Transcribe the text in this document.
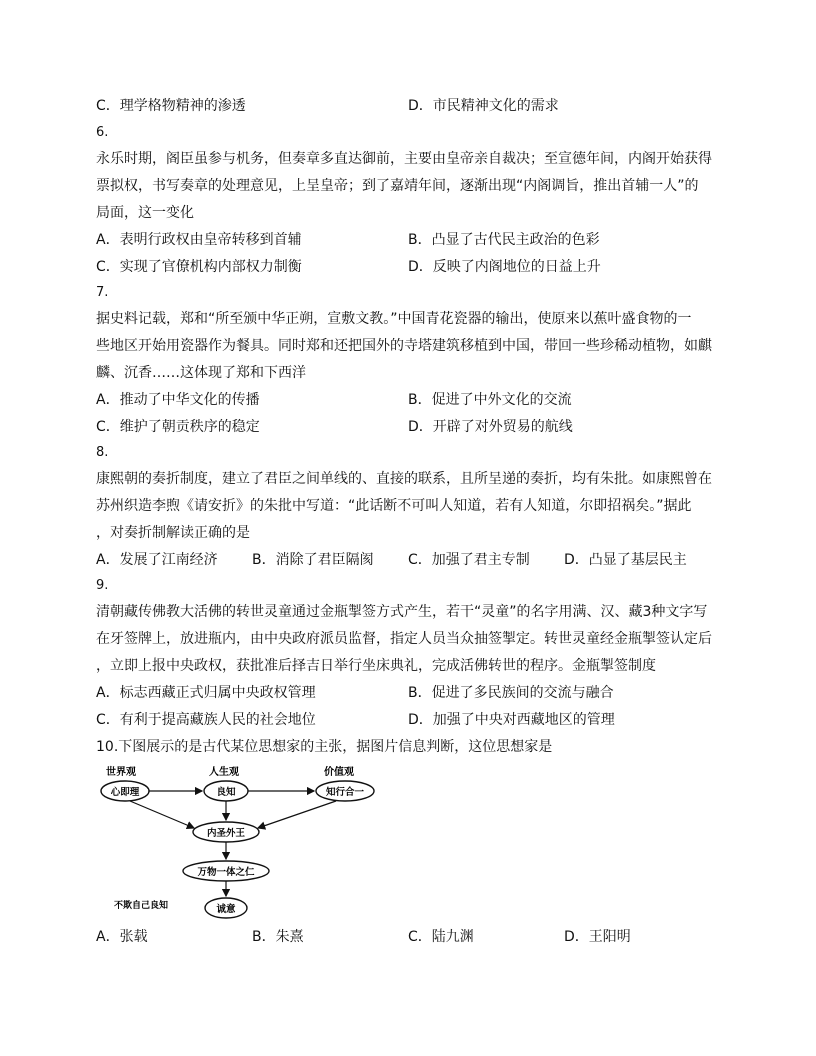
C．理学格物精神的渗透	D．市民精神文化的需求
6.
永乐时期，阁臣虽参与机务，但奏章多直达御前，主要由皇帝亲自裁决；至宣德年间，内阁开始获得
票拟权，书写奏章的处理意见，上呈皇帝；到了嘉靖年间，逐渐出现“内阁调旨，推出首辅一人”的
局面，这一变化
A．表明行政权由皇帝转移到首辅	B．凸显了古代民主政治的色彩
C．实现了官僚机构内部权力制衡	D．反映了内阁地位的日益上升
7.
据史料记载，郑和“所至颁中华正朔，宣敷文教。”中国青花瓷器的输出，使原来以蕉叶盛食物的一
些地区开始用瓷器作为餐具。同时郑和还把国外的寺塔建筑移植到中国，带回一些珍稀动植物，如麒
麟、沉香……这体现了郑和下西洋
A．推动了中华文化的传播	B．促进了中外文化的交流
C．维护了朝贡秩序的稳定	D．开辟了对外贸易的航线
8.
康熙朝的奏折制度，建立了君臣之间单线的、直接的联系，且所呈递的奏折，均有朱批。如康熙曾在
苏州织造李煦《请安折》的朱批中写道：“此话断不可叫人知道，若有人知道，尔即招祸矣。”据此
，对奏折制解读正确的是
A．发展了江南经济 B．消除了君臣隔阂 C．加强了君主专制 D．凸显了基层民主
9.
清朝藏传佛教大活佛的转世灵童通过金瓶掣签方式产生，若干“灵童”的名字用满、汉、藏3种文字写
在牙签牌上，放进瓶内，由中央政府派员监督，指定人员当众抽签掣定。转世灵童经金瓶掣签认定后
，立即上报中央政权，获批准后择吉日举行坐床典礼，完成活佛转世的程序。金瓶掣签制度
A．标志西藏正式归属中央政权管理	B．促进了多民族间的交流与融合
C．有利于提高藏族人民的社会地位	D．加强了中央对西藏地区的管理
10.下图展示的是古代某位思想家的主张，据图片信息判断，这位思想家是
世界观	人生观	价值观
心即理	良知	知行合一
内圣外王
万物一体之仁
诚意
不欺自己良知
A．张载	B．朱熹	C．陆九渊	D．王阳明
